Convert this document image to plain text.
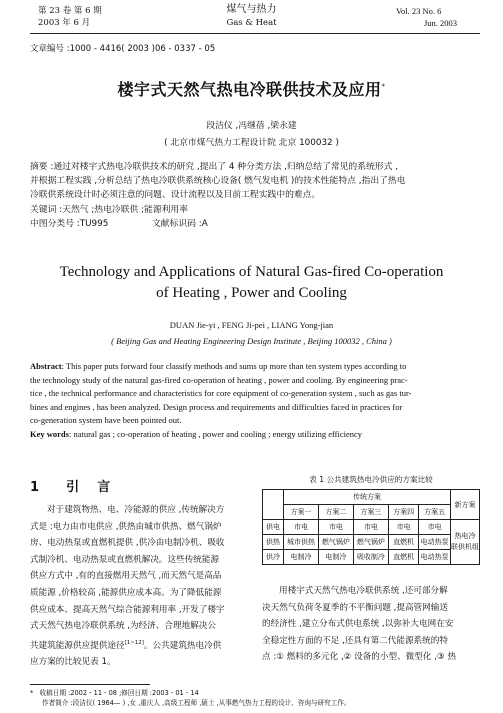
第 23 卷 第 6 期
2003 年 6 月
煤气与热力
Gas & Heat
Vol. 23 No. 6
Jun. 2003
文章编号 :1000 - 4416( 2003 )06 - 0337 - 05
楼宇式天然气热电冷联供技术及应用*
段洁仪 ,冯继蓓 ,梁永建
( 北京市煤气热力工程设计院 北京 100032 )
摘要 :通过对楼宇式热电冷联供技术的研究 ,提出了 4 种分类方法 ,归纳总结了常见的系统形式 ,
并根据工程实践 ,分析总结了热电冷联供系统核心设备( 燃气发电机 )的技术性能特点 ,指出了热电
冷联供系统设计时必须注意的问题、设计流程以及目前工程实践中的难点。
关键词 :天然气 ;热电冷联供 ;能源利用率
中图分类号 :TU995	文献标识码 :A
Technology and Applications of Natural Gas-fired Co-operation
of Heating , Power and Cooling
DUAN Jie-yi , FENG Ji-pei , LIANG Yong-jian
( Beijing Gas and Heating Engineering Design Institute , Beijing 100032 , China )
Abstract: This paper puts forward four classify methods and sums up more than ten system types according to
the technology study of the natural gas-fired co-operation of heating , power and cooling. By engineering prac-
tice , the technical performance and characteristics for core equipment of co-generation system , such as gas tur-
bines and engines , has been analyzed. Design process and requirements and difficulties faced in practices for
co-generation system have been pointed out.
Key words: natural gas ; co-operation of heating , power and cooling ; energy utilizing efficiency
1 引    言
对于建筑物热、电、冷能源的供应 ,传统解决方
式是 :电力由市电供应 ,供热由城市供热、燃气锅炉
房、电动热泵或直燃机提供 ,供冷由电制冷机、吸收
式制冷机、电动热泵或直燃机解决。这些传统能源
供应方式中 ,有的直接燃用天然气 ,而天然气是高品
质能源 ,价格较高 ,能源供应成本高。为了降低能源
供应成本、提高天然气综合能源利用率 ,开发了楼宇
式天然气热电冷联供系统 ,为经济、合理地解决公
共建筑能源供应提供途径[1~12]。公共建筑热电冷供
应方案的比较见表 1。
表 1 公共建筑热电冷供应的方案比较
	传统方案					新方案
	方案一	方案二	方案三	方案四	方案五	
供电	市电	市电	市电	市电	市电	热电冷
联供机组

供热	城市供热	燃气锅炉	燃气锅炉	直燃机	电动热泵	
供冷	电制冷	电制冷	吸收制冷	直燃机	电动热泵	
用楼宇式天然气热电冷联供系统 ,还可部分解
决天然气负荷冬夏季的不平衡问题 ,提高管网输送
的经济性 ,建立分布式供电系统 ,以弥补大电网在安
全稳定性方面的不足 ,还具有第二代能源系统的特
点 :① 燃料的多元化 ,② 设备的小型、微型化 ,③ 热
* 收稿日期 :2002 - 11 - 08 ;修回日期 :2003 - 01 - 14
作者简介 :段洁仪( 1964— ) ,女 ,重庆人 ,高级工程师 ,硕士 ,从事燃气热力工程的设计、咨询与研究工作。
